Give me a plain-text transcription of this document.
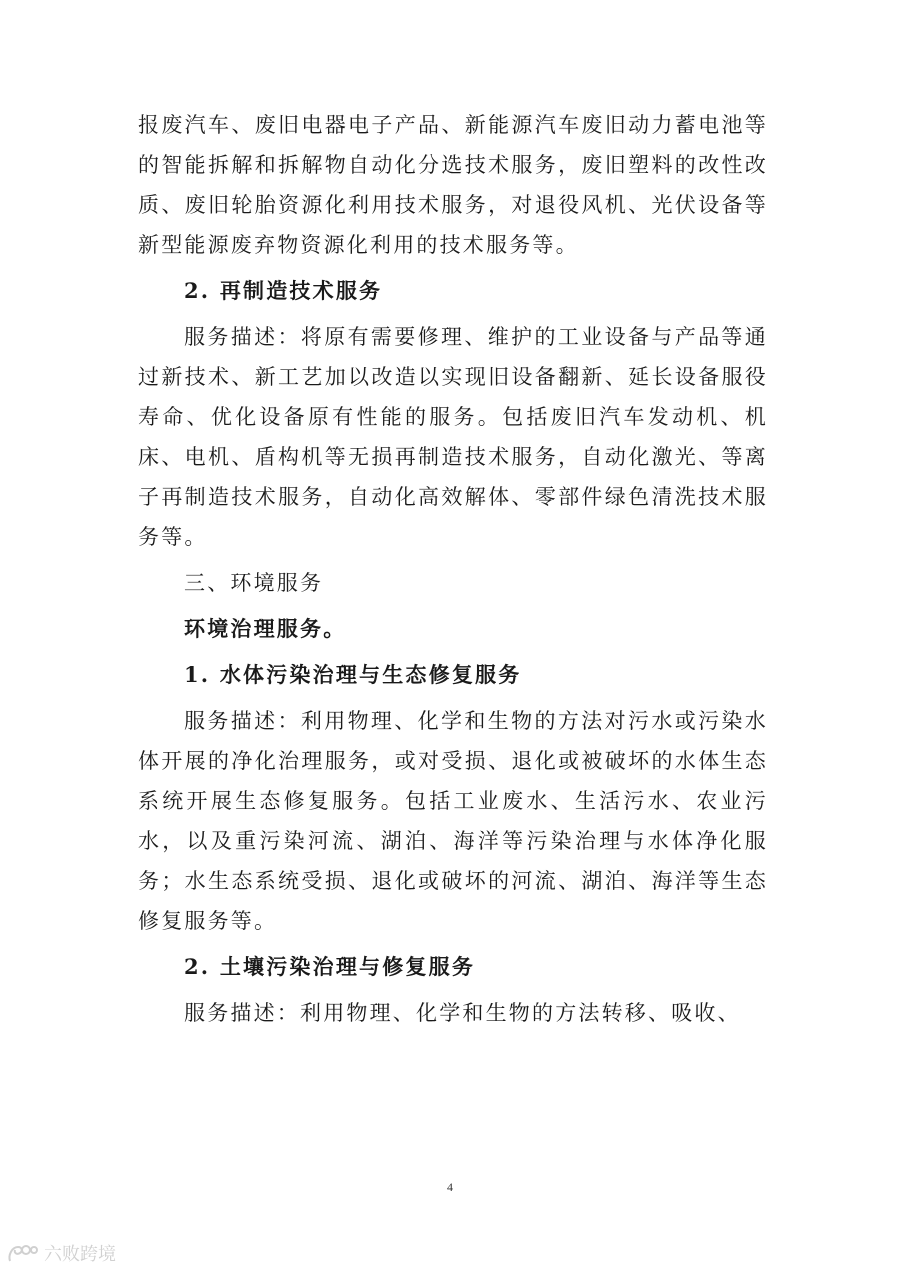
报废汽车、废旧电器电子产品、新能源汽车废旧动力蓄电池等的智能拆解和拆解物自动化分选技术服务，废旧塑料的改性改质、废旧轮胎资源化利用技术服务，对退役风机、光伏设备等新型能源废弃物资源化利用的技术服务等。

2. 再制造技术服务

服务描述：将原有需要修理、维护的工业设备与产品等通过新技术、新工艺加以改造以实现旧设备翻新、延长设备服役寿命、优化设备原有性能的服务。包括废旧汽车发动机、机床、电机、盾构机等无损再制造技术服务，自动化激光、等离子再制造技术服务，自动化高效解体、零部件绿色清洗技术服务等。

三、环境服务

环境治理服务。

1. 水体污染治理与生态修复服务

服务描述：利用物理、化学和生物的方法对污水或污染水体开展的净化治理服务，或对受损、退化或被破坏的水体生态系统开展生态修复服务。包括工业废水、生活污水、农业污水，以及重污染河流、湖泊、海洋等污染治理与水体净化服务；水生态系统受损、退化或破坏的河流、湖泊、海洋等生态修复服务等。

2. 土壤污染治理与修复服务

服务描述：利用物理、化学和生物的方法转移、吸收、

4
六败跨境
